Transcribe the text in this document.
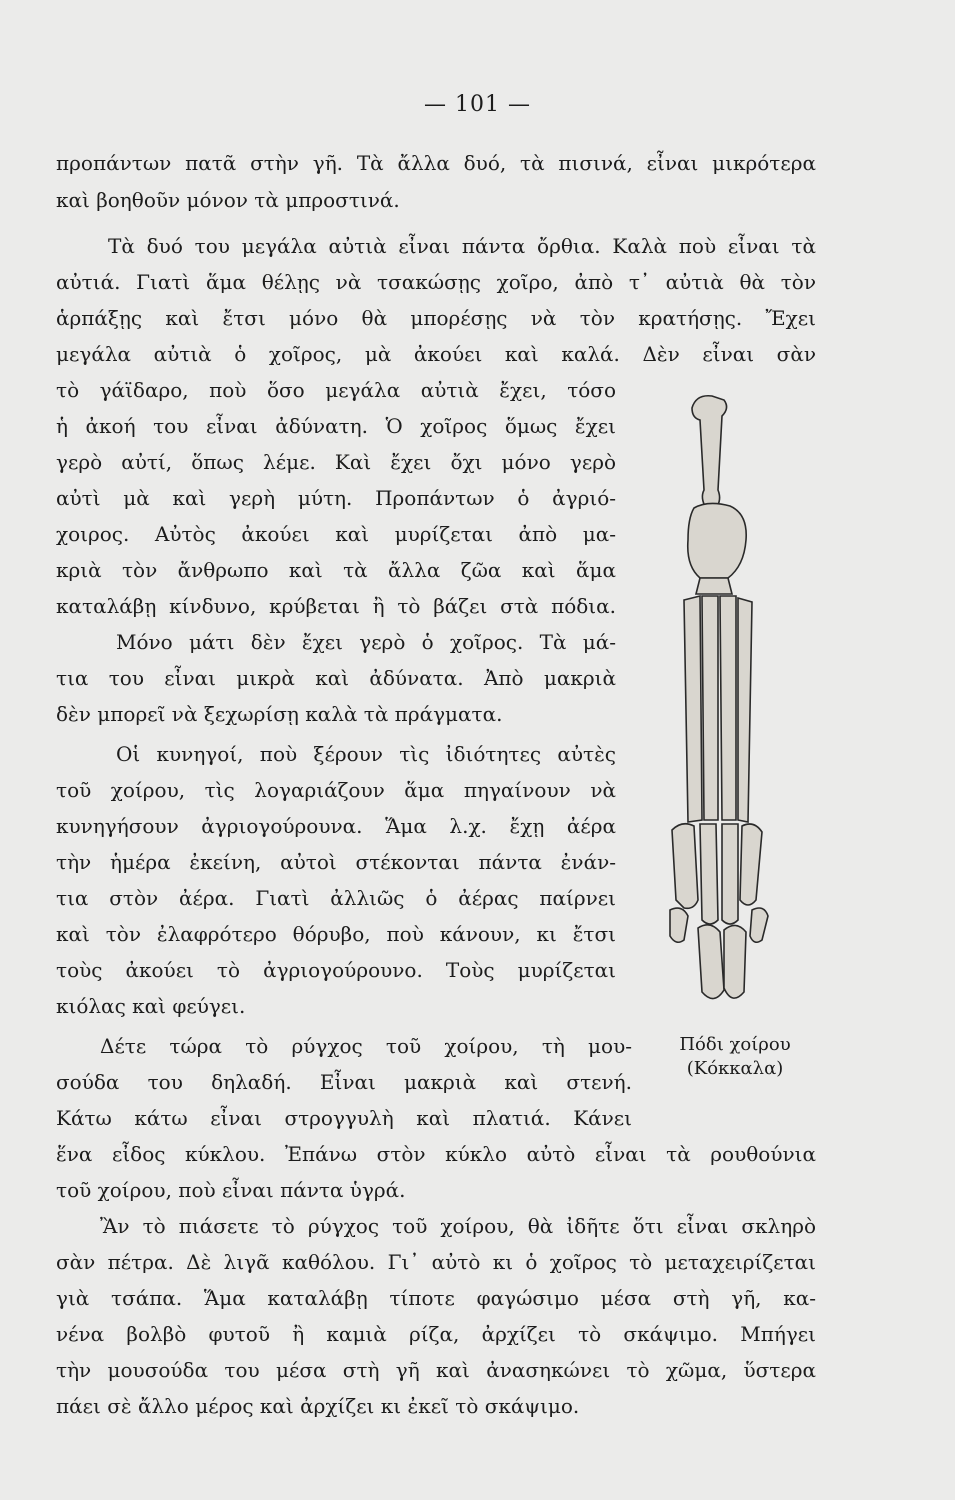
— 101 —

προπάντων πατᾶ στὴν γῆ. Τὰ ἄλλα δυό, τὰ πισινά, εἶναι μικρότερα

καὶ βοηθοῦν μόνον τὰ μπροστινά.

Τὰ δυό του μεγάλα αὐτιὰ εἶναι πάντα ὄρθια. Καλὰ ποὺ εἶναι τὰ

αὐτιά. Γιατὶ ἅμα θέλῃς νὰ τσακώσῃς χοῖρο, ἀπὸ τ᾽ αὐτιὰ θὰ τὸν

ἁρπάξῃς καὶ ἔτσι μόνο θὰ μπορέσῃς νὰ τὸν κρατήσῃς. Ἔχει

μεγάλα αὐτιὰ ὁ χοῖρος, μὰ ἀκούει καὶ καλά. Δὲν εἶναι σὰν

τὸ γάϊδαρο, ποὺ ὅσο μεγάλα αὐτιὰ ἔχει, τόσο

ἡ ἀκοή του εἶναι ἀδύνατη. Ὁ χοῖρος ὅμως ἔχει

γερὸ αὐτί, ὅπως λέμε. Καὶ ἔχει ὄχι μόνο γερὸ

αὐτὶ μὰ καὶ γερὴ μύτη. Προπάντων ὁ ἀγριό-

χοιρος. Αὐτὸς ἀκούει καὶ μυρίζεται ἀπὸ μα-

κριὰ τὸν ἄνθρωπο καὶ τὰ ἄλλα ζῶα καὶ ἅμα

καταλάβῃ κίνδυνο, κρύβεται ἢ τὸ βάζει στὰ πόδια.

Μόνο μάτι δὲν ἔχει γερὸ ὁ χοῖρος. Τὰ μά-

τια του εἶναι μικρὰ καὶ ἀδύνατα. Ἀπὸ μακριὰ

δὲν μπορεῖ νὰ ξεχωρίσῃ καλὰ τὰ πράγματα.

Οἱ κυνηγοί, ποὺ ξέρουν τὶς ἰδιότητες αὐτὲς

τοῦ χοίρου, τὶς λογαριάζουν ἅμα πηγαίνουν νὰ

κυνηγήσουν ἀγριογούρουνα. Ἅμα λ.χ. ἔχῃ ἀέρα

τὴν ἡμέρα ἐκείνη, αὐτοὶ στέκονται πάντα ἐνάν-

τια στὸν ἀέρα. Γιατὶ ἀλλιῶς ὁ ἀέρας παίρνει

καὶ τὸν ἐλαφρότερο θόρυβο, ποὺ κάνουν, κι ἔτσι

τοὺς ἀκούει τὸ ἀγριογούρουνο. Τοὺς μυρίζεται

κιόλας καὶ φεύγει.

Δέτε τώρα τὸ ρύγχος τοῦ χοίρου, τὴ μου-

σούδα του δηλαδή. Εἶναι μακριὰ καὶ στενή.

Κάτω κάτω εἶναι στρογγυλὴ καὶ πλατιά. Κάνει

ἕνα εἶδος κύκλου. Ἐπάνω στὸν κύκλο αὐτὸ εἶναι τὰ ρουθούνια

τοῦ χοίρου, ποὺ εἶναι πάντα ὑγρά.

Ἂν τὸ πιάσετε τὸ ρύγχος τοῦ χοίρου, θὰ ἰδῆτε ὅτι εἶναι σκληρὸ

σὰν πέτρα. Δὲ λιγᾶ καθόλου. Γι᾽ αὐτὸ κι ὁ χοῖρος τὸ μεταχειρίζεται

γιὰ τσάπα. Ἅμα καταλάβῃ τίποτε φαγώσιμο μέσα στὴ γῆ, κα-

νένα βολβὸ φυτοῦ ἢ καμιὰ ρίζα, ἀρχίζει τὸ σκάψιμο. Μπήγει

τὴν μουσούδα του μέσα στὴ γῆ καὶ ἀνασηκώνει τὸ χῶμα, ὕστερα

πάει σὲ ἄλλο μέρος καὶ ἀρχίζει κι ἐκεῖ τὸ σκάψιμο.

Πόδι χοίρου
(Κόκκαλα)
